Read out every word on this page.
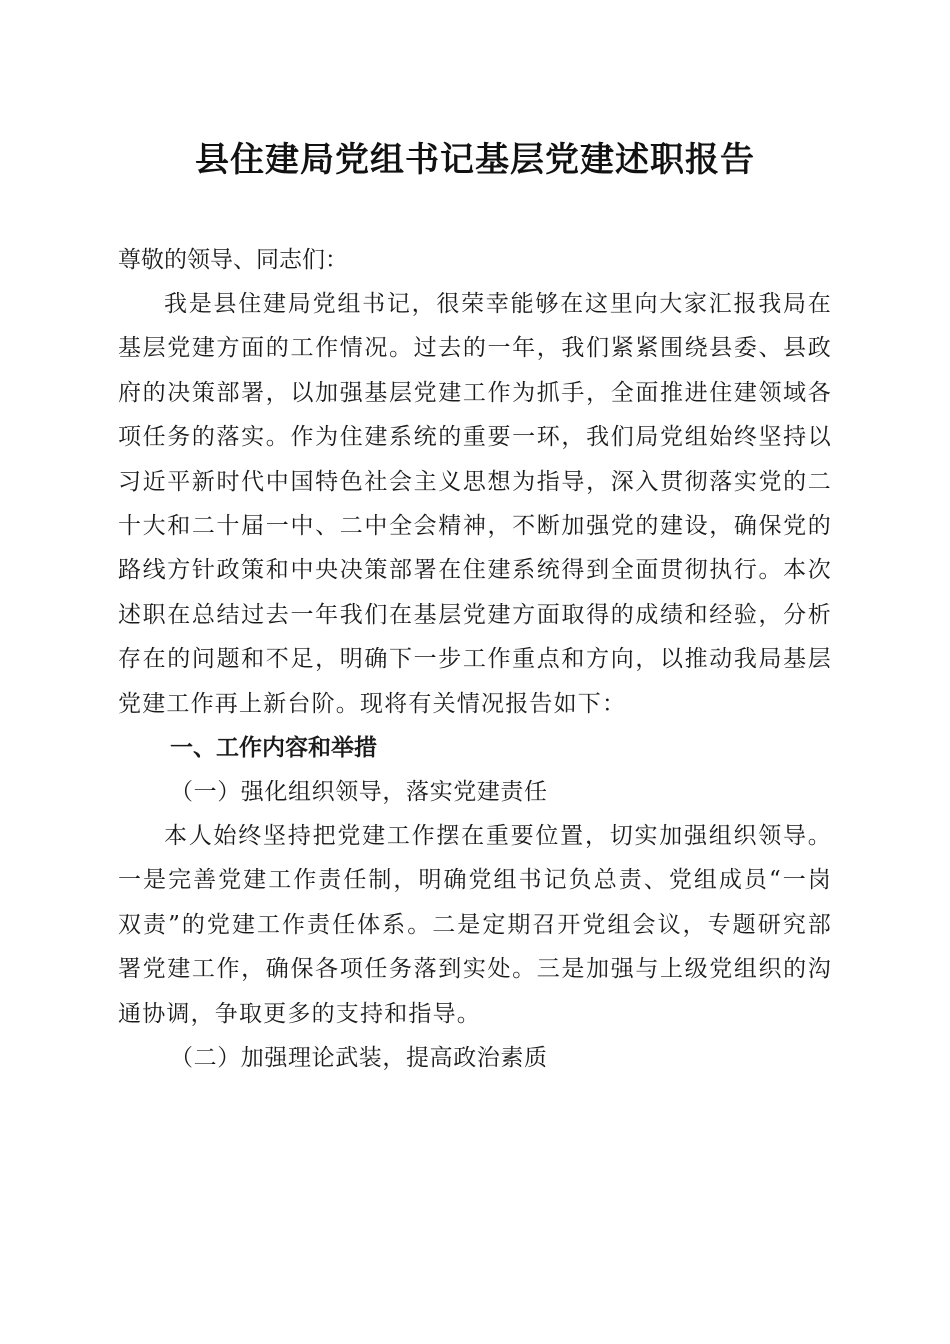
县住建局党组书记基层党建述职报告

尊敬的领导、同志们：

我是县住建局党组书记，很荣幸能够在这里向大家汇报我局在基层党建方面的工作情况。过去的一年，我们紧紧围绕县委、县政府的决策部署，以加强基层党建工作为抓手，全面推进住建领域各项任务的落实。作为住建系统的重要一环，我们局党组始终坚持以习近平新时代中国特色社会主义思想为指导，深入贯彻落实党的二十大和二十届一中、二中全会精神，不断加强党的建设，确保党的路线方针政策和中央决策部署在住建系统得到全面贯彻执行。本次述职在总结过去一年我们在基层党建方面取得的成绩和经验，分析存在的问题和不足，明确下一步工作重点和方向，以推动我局基层党建工作再上新台阶。现将有关情况报告如下：

一、工作内容和举措

（一）强化组织领导，落实党建责任

本人始终坚持把党建工作摆在重要位置，切实加强组织领导。一是完善党建工作责任制，明确党组书记负总责、党组成员“一岗双责”的党建工作责任体系。二是定期召开党组会议，专题研究部署党建工作，确保各项任务落到实处。三是加强与上级党组织的沟通协调，争取更多的支持和指导。

（二）加强理论武装，提高政治素质
